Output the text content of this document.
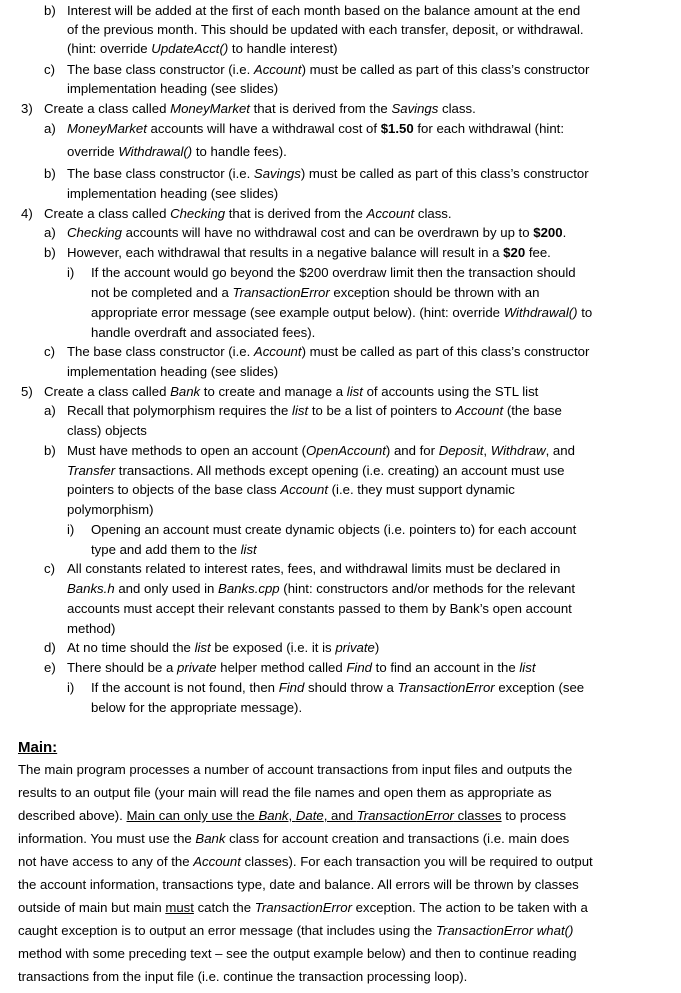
b) Interest will be added at the first of each month based on the balance amount at the end
of the previous month. This should be updated with each transfer, deposit, or withdrawal.
(hint: override UpdateAcct() to handle interest)
c) The base class constructor (i.e. Account) must be called as part of this class’s constructor
implementation heading (see slides)
3) Create a class called MoneyMarket that is derived from the Savings class.
a) MoneyMarket accounts will have a withdrawal cost of $1.50 for each withdrawal (hint:
override Withdrawal() to handle fees).
b) The base class constructor (i.e. Savings) must be called as part of this class’s constructor
implementation heading (see slides)
4) Create a class called Checking that is derived from the Account class.
a) Checking accounts will have no withdrawal cost and can be overdrawn by up to $200.
b) However, each withdrawal that results in a negative balance will result in a $20 fee.
i) If the account would go beyond the $200 overdraw limit then the transaction should
not be completed and a TransactionError exception should be thrown with an
appropriate error message (see example output below). (hint: override Withdrawal() to
handle overdraft and associated fees).
c) The base class constructor (i.e. Account) must be called as part of this class’s constructor
implementation heading (see slides)
5) Create a class called Bank to create and manage a list of accounts using the STL list
a) Recall that polymorphism requires the list to be a list of pointers to Account (the base
class) objects
b) Must have methods to open an account (OpenAccount) and for Deposit, Withdraw, and
Transfer transactions. All methods except opening (i.e. creating) an account must use
pointers to objects of the base class Account (i.e. they must support dynamic
polymorphism)
i) Opening an account must create dynamic objects (i.e. pointers to) for each account
type and add them to the list
c) All constants related to interest rates, fees, and withdrawal limits must be declared in
Banks.h and only used in Banks.cpp (hint: constructors and/or methods for the relevant
accounts must accept their relevant constants passed to them by Bank’s open account
method)
d) At no time should the list be exposed (i.e. it is private)
e) There should be a private helper method called Find to find an account in the list
i) If the account is not found, then Find should throw a TransactionError exception (see
below for the appropriate message).
Main:
The main program processes a number of account transactions from input files and outputs the
results to an output file (your main will read the file names and open them as appropriate as
described above). Main can only use the Bank, Date, and TransactionError classes to process
information. You must use the Bank class for account creation and transactions (i.e. main does
not have access to any of the Account classes). For each transaction you will be required to output
the account information, transactions type, date and balance. All errors will be thrown by classes
outside of main but main must catch the TransactionError exception. The action to be taken with a
caught exception is to output an error message (that includes using the TransactionError what()
method with some preceding text – see the output example below) and then to continue reading
transactions from the input file (i.e. continue the transaction processing loop).
